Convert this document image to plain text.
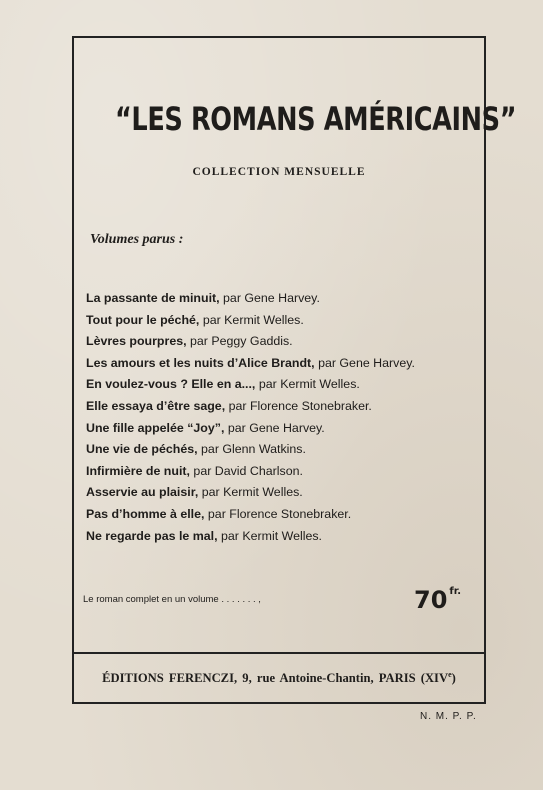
“LES ROMANS AMÉRICAINS”
COLLECTION MENSUELLE
Volumes parus :
La passante de minuit, par Gene Harvey.
Tout pour le péché, par Kermit Welles.
Lèvres pourpres, par Peggy Gaddis.
Les amours et les nuits d’Alice Brandt, par Gene Harvey.
En voulez-vous ? Elle en a..., par Kermit Welles.
Elle essaya d’être sage, par Florence Stonebraker.
Une fille appelée “Joy”, par Gene Harvey.
Une vie de péchés, par Glenn Watkins.
Infirmière de nuit, par David Charlson.
Asservie au plaisir, par Kermit Welles.
Pas d’homme à elle, par Florence Stonebraker.
Ne regarde pas le mal, par Kermit Welles.
Le roman complet en un volume . . . . . . . ,	70 $^{fr.}$
ÉDITIONS FERENCZI, 9, rue Antoine-Chantin, PARIS (XIVe)
N. M. P. P.
